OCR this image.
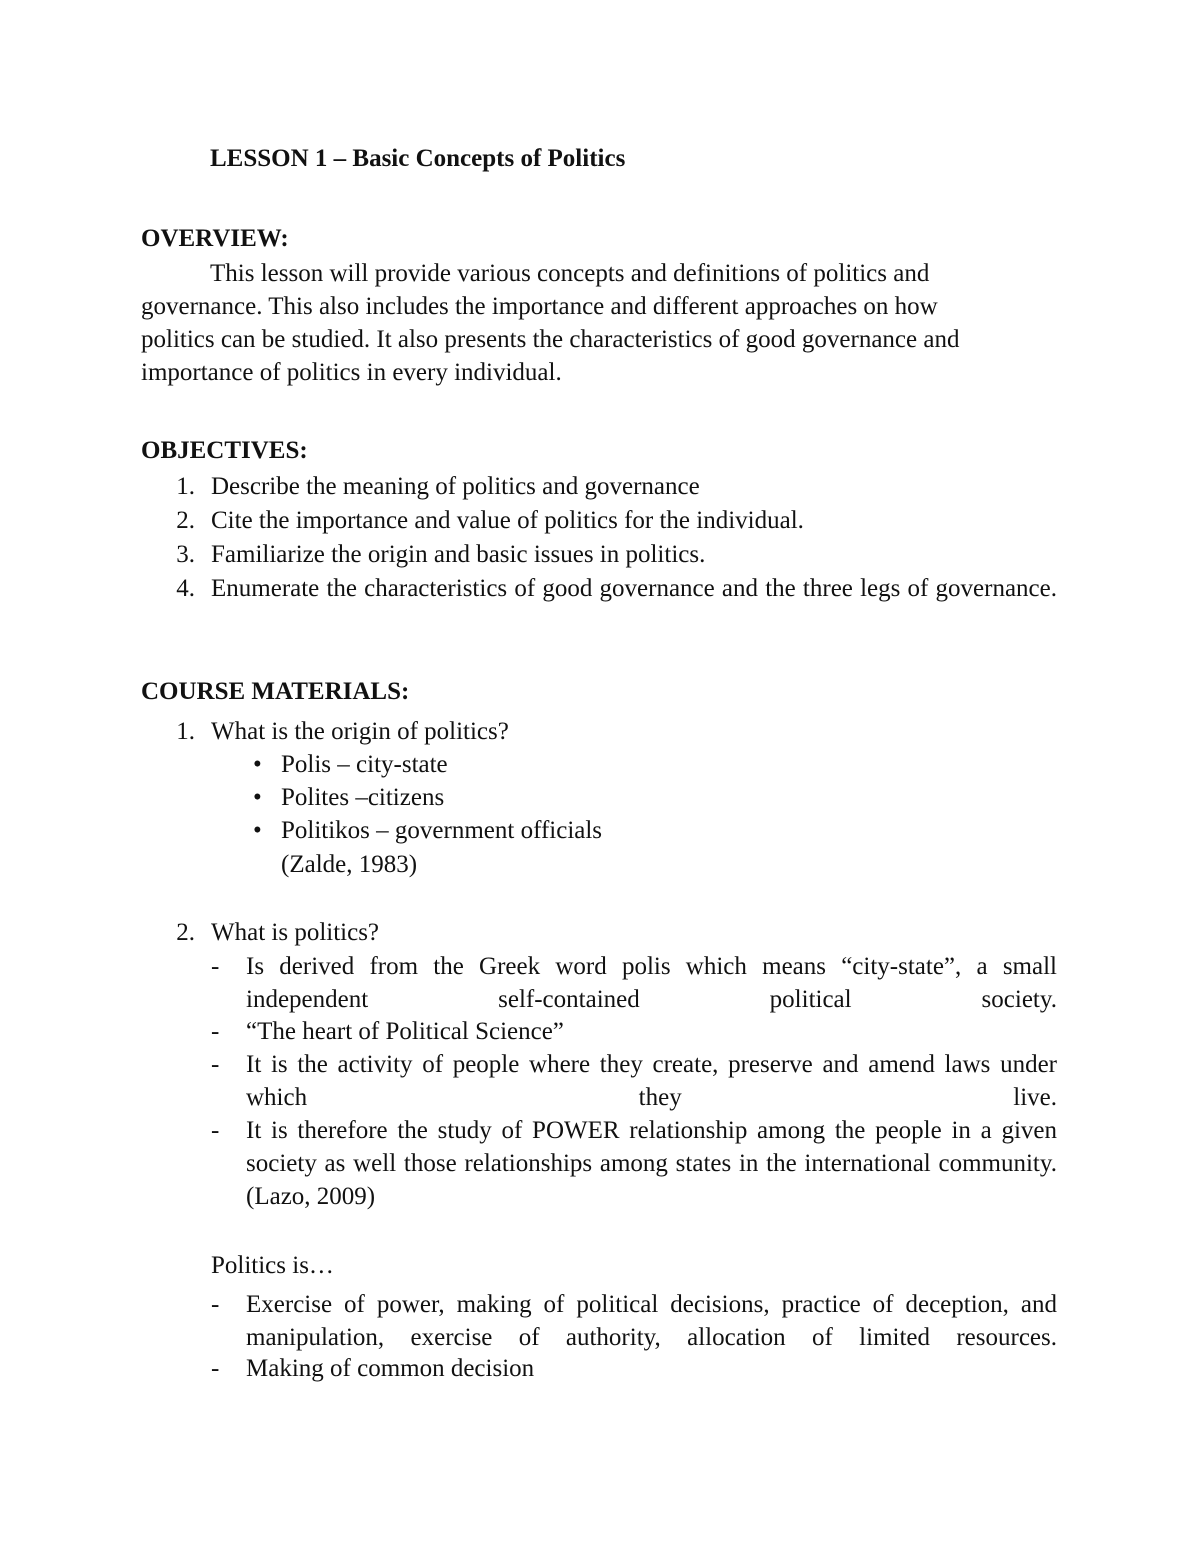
LESSON 1 – Basic Concepts of Politics
OVERVIEW:
This lesson will provide various concepts and definitions of politics and
governance. This also includes the importance and different approaches on how
politics can be studied. It also presents the characteristics of good governance and
importance of politics in every individual.
OBJECTIVES:
1. Describe the meaning of politics and governance
2. Cite the importance and value of politics for the individual.
3. Familiarize the origin and basic issues in politics.
4. Enumerate the characteristics of good governance and the three legs of governance.
COURSE MATERIALS:
1. What is the origin of politics?
• Polis – city-state
• Polites –citizens
• Politikos – government officials
(Zalde, 1983)
2. What is politics?
- Is derived from the Greek word polis which means “city-state”, a small independent self-contained political society.
- “The heart of Political Science”
- It is the activity of people where they create, preserve and amend laws under which they live.
- It is therefore the study of POWER relationship among the people in a given society as well those relationships among states in the international community. (Lazo, 2009)
Politics is…
- Exercise of power, making of political decisions, practice of deception, and manipulation, exercise of authority, allocation of limited resources.
- Making of common decision
